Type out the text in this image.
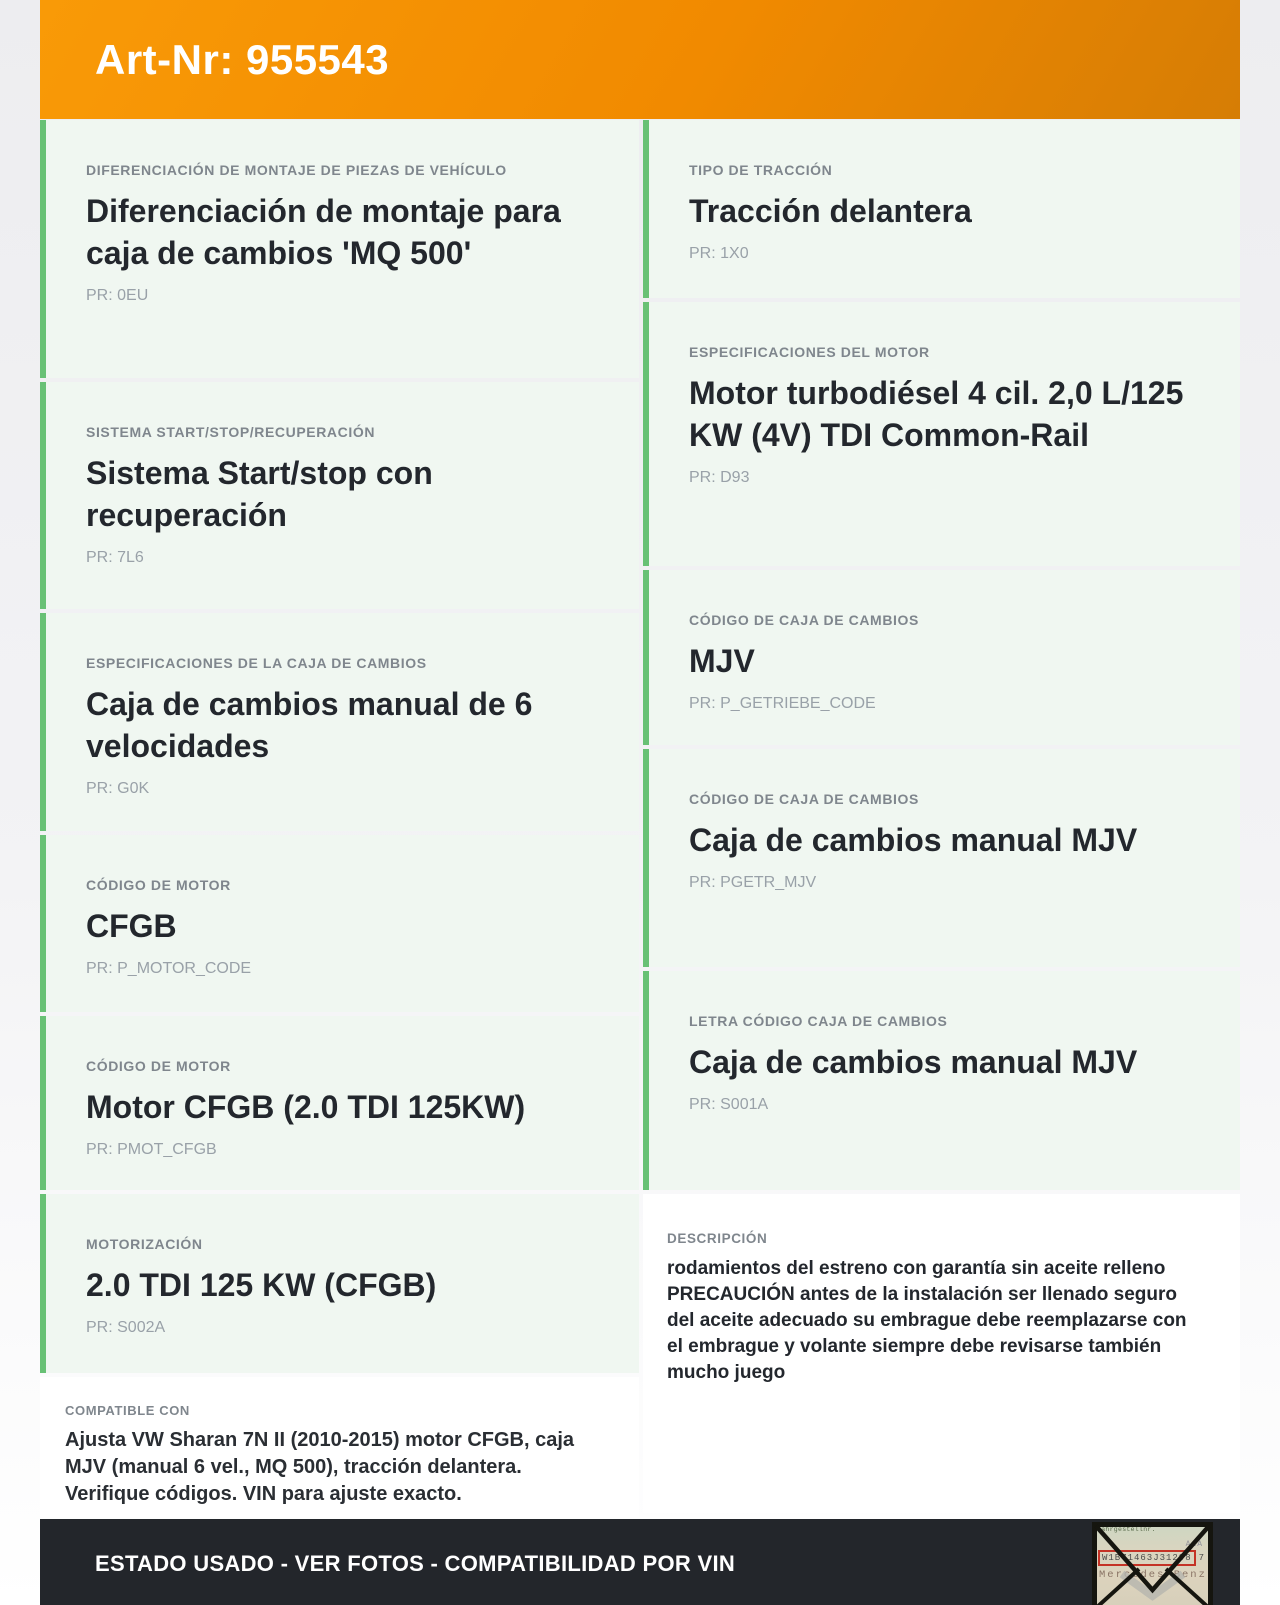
Art-Nr: 955543
DIFERENCIACIÓN DE MONTAJE DE PIEZAS DE VEHÍCULO
Diferenciación de montaje para caja de cambios 'MQ 500'
PR: 0EU
SISTEMA START/STOP/RECUPERACIÓN
Sistema Start/stop con recuperación
PR: 7L6
ESPECIFICACIONES DE LA CAJA DE CAMBIOS
Caja de cambios manual de 6 velocidades
PR: G0K
CÓDIGO DE MOTOR
CFGB
PR: P_MOTOR_CODE
CÓDIGO DE MOTOR
Motor CFGB (2.0 TDI 125KW)
PR: PMOT_CFGB
MOTORIZACIÓN
2.0 TDI 125 KW (CFGB)
PR: S002A
COMPATIBLE CON
Ajusta VW Sharan 7N II (2010-2015) motor CFGB, caja MJV (manual 6 vel., MQ 500), tracción delantera. Verifique códigos. VIN para ajuste exacto.
TIPO DE TRACCIÓN
Tracción delantera
PR: 1X0
ESPECIFICACIONES DEL MOTOR
Motor turbodiésel 4 cil. 2,0 L/125 KW (4V) TDI Common-Rail
PR: D93
CÓDIGO DE CAJA DE CAMBIOS
MJV
PR: P_GETRIEBE_CODE
CÓDIGO DE CAJA DE CAMBIOS
Caja de cambios manual MJV
PR: PGETR_MJV
LETRA CÓDIGO CAJA DE CAMBIOS
Caja de cambios manual MJV
PR: S001A
DESCRIPCIÓN
rodamientos del estreno con garantía sin aceite relleno PRECAUCIÓN antes de la instalación ser llenado seguro del aceite adecuado su embrague debe reemplazarse con el embrague y volante siempre debe revisarse también mucho juego
ESTADO USADO - VER FOTOS - COMPATIBILIDAD POR VIN
Fahrgestellnr.
AiA
W1B71463J31298 7
Mercedes-Benz
